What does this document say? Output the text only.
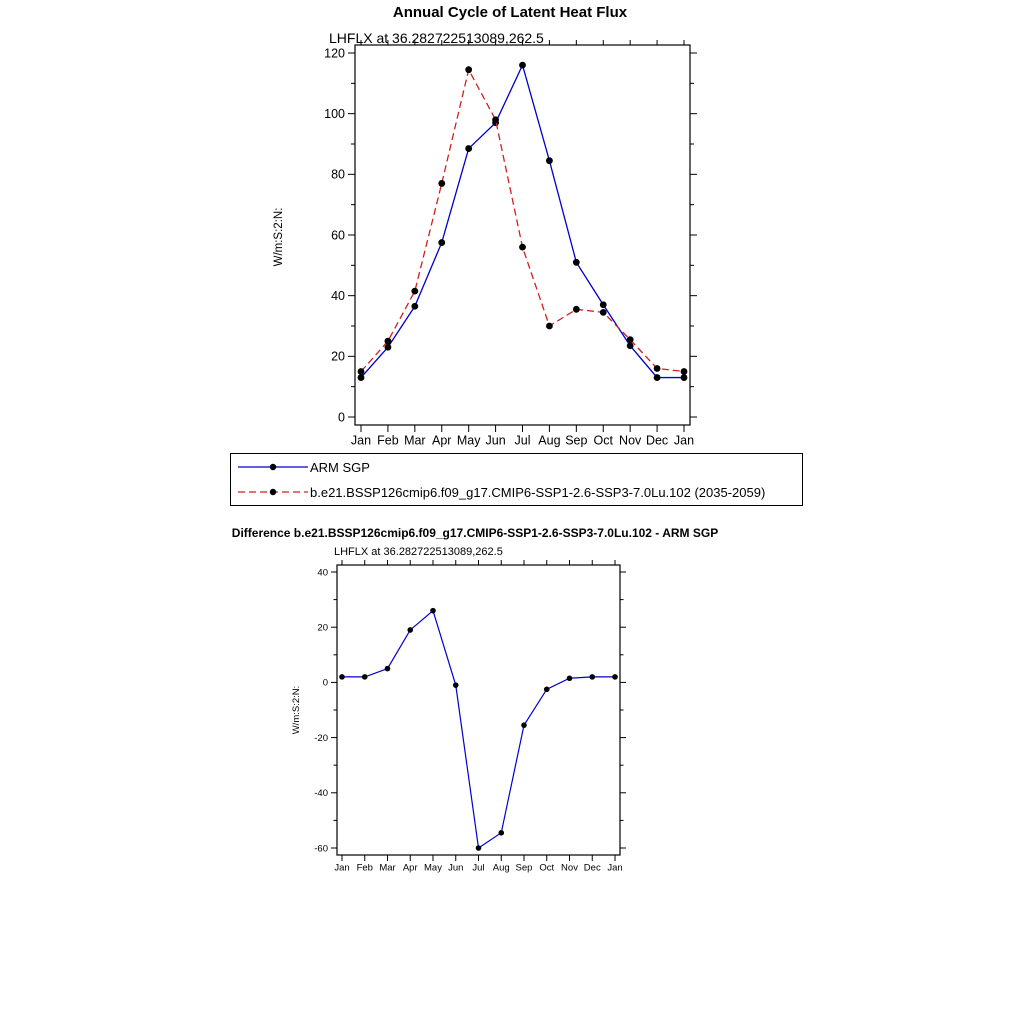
Annual Cycle of Latent Heat Flux
LHFLX at 36.282722513089,262.5
W/m:S:2:N:
0
20
40
60
80
100
120
Jan Feb Mar Apr May Jun Jul Aug Sep Oct Nov Dec Jan
ARM SGP
b.e21.BSSP126cmip6.f09_g17.CMIP6-SSP1-2.6-SSP3-7.0Lu.102 (2035-2059)
Difference b.e21.BSSP126cmip6.f09_g17.CMIP6-SSP1-2.6-SSP3-7.0Lu.102 - ARM SGP
LHFLX at 36.282722513089,262.5
W/m:S:2:N:
-60
-40
-20
0
20
40
Jan Feb Mar Apr May Jun Jul Aug Sep Oct Nov Dec Jan
